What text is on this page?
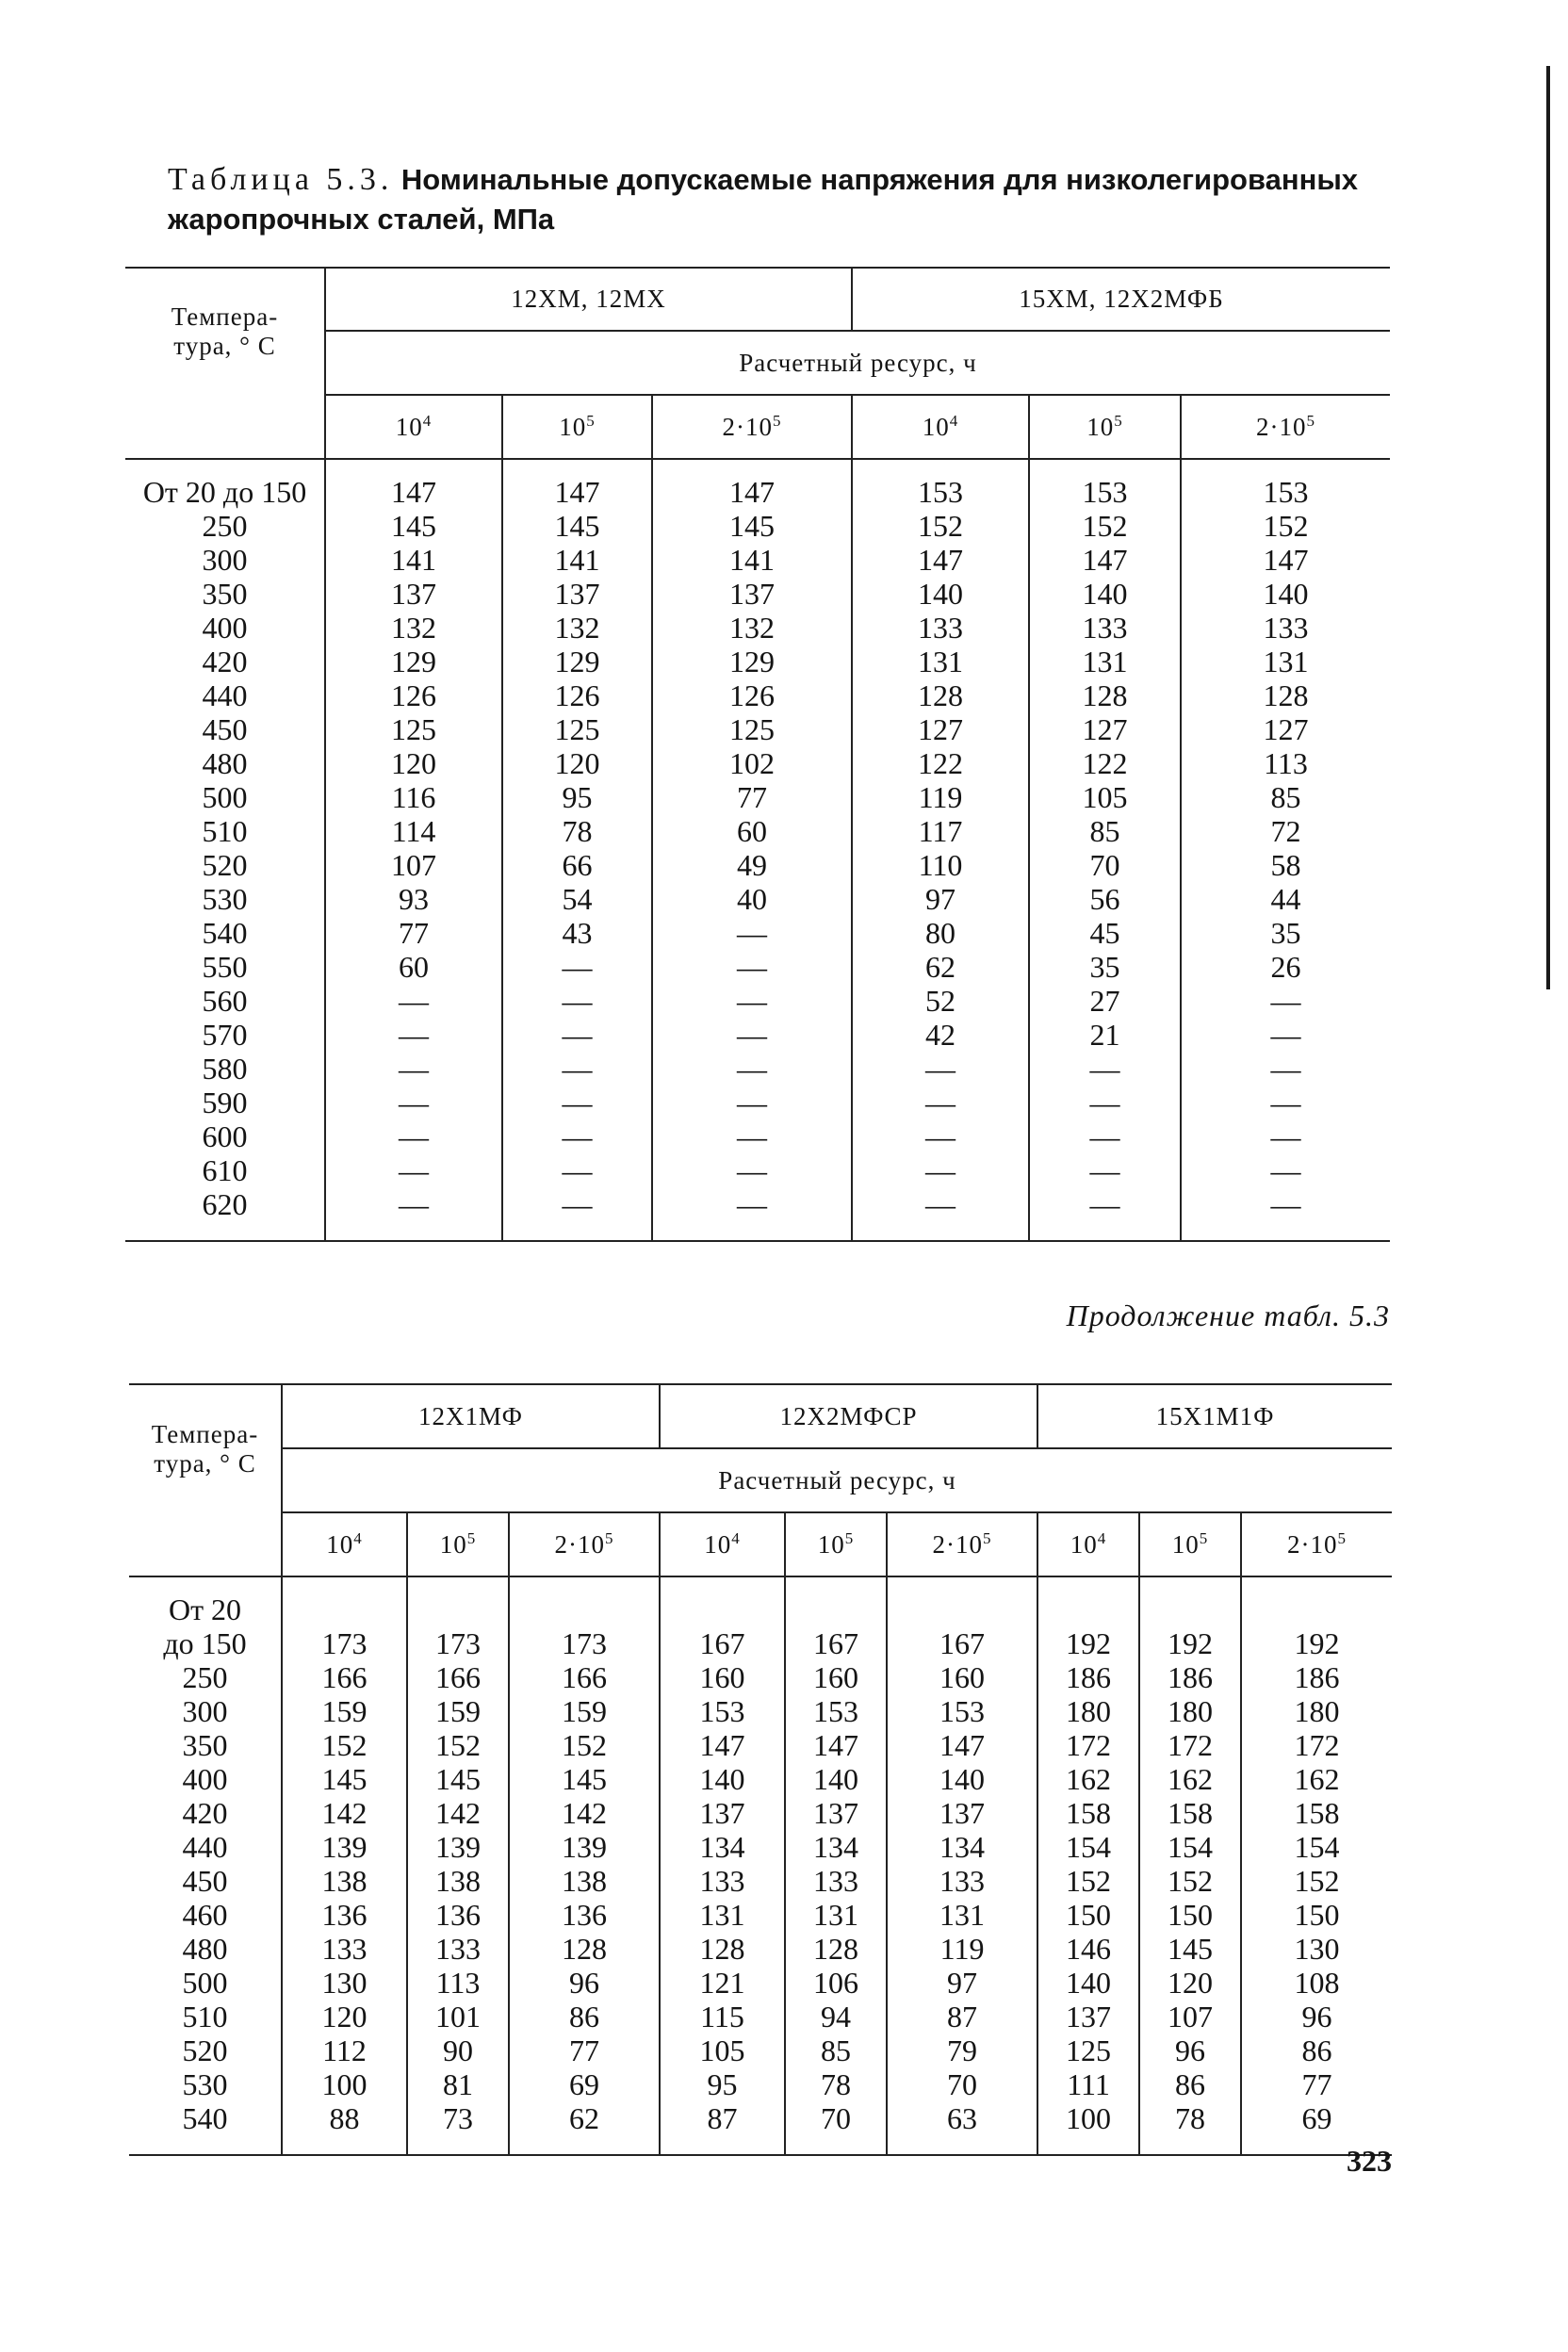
Таблица 5.3. Номинальные допускаемые напряжения для низколегированных жаропрочных сталей, МПа
Темпера-
тура, ° С	12ХМ, 12МХ			15ХМ, 12Х2МФБ		
	Расчетный ресурс, ч					
	$10^4$	$10^5$	$2\cdot 10^5$	$10^4$	$10^5$	$2\cdot 10^5$
От 20 до 150	147	147	147	153	153	153
250	145	145	145	152	152	152
300	141	141	141	147	147	147
350	137	137	137	140	140	140
400	132	132	132	133	133	133
420	129	129	129	131	131	131
440	126	126	126	128	128	128
450	125	125	125	127	127	127
480	120	120	102	122	122	113
500	116	95	77	119	105	85
510	114	78	60	117	85	72
520	107	66	49	110	70	58
530	93	54	40	97	56	44
540	77	43	—	80	45	35
550	60	—	—	62	35	26
560	—	—	—	52	27	—
570	—	—	—	42	21	—
580	—	—	—	—	—	—
590	—	—	—	—	—	—
600	—	—	—	—	—	—
610	—	—	—	—	—	—
620	—	—	—	—	—	—
Продолжение табл. 5.3
Темпера-
тура, ° С	12Х1МФ			12Х2МФСР			15Х1М1Ф		
	Расчетный ресурс, ч								
	$10^4$	$10^5$	$2\cdot 10^5$	$10^4$	$10^5$	$2\cdot 10^5$	$10^4$	$10^5$	$2\cdot 10^5$

От 20
до 150	173	173	173	167	167	167	192	192	192
250	166	166	166	160	160	160	186	186	186
300	159	159	159	153	153	153	180	180	180
350	152	152	152	147	147	147	172	172	172
400	145	145	145	140	140	140	162	162	162
420	142	142	142	137	137	137	158	158	158
440	139	139	139	134	134	134	154	154	154
450	138	138	138	133	133	133	152	152	152
460	136	136	136	131	131	131	150	150	150
480	133	133	128	128	128	119	146	145	130
500	130	113	96	121	106	97	140	120	108
510	120	101	86	115	94	87	137	107	96
520	112	90	77	105	85	79	125	96	86
530	100	81	69	95	78	70	111	86	77
540	88	73	62	87	70	63	100	78	69
323
